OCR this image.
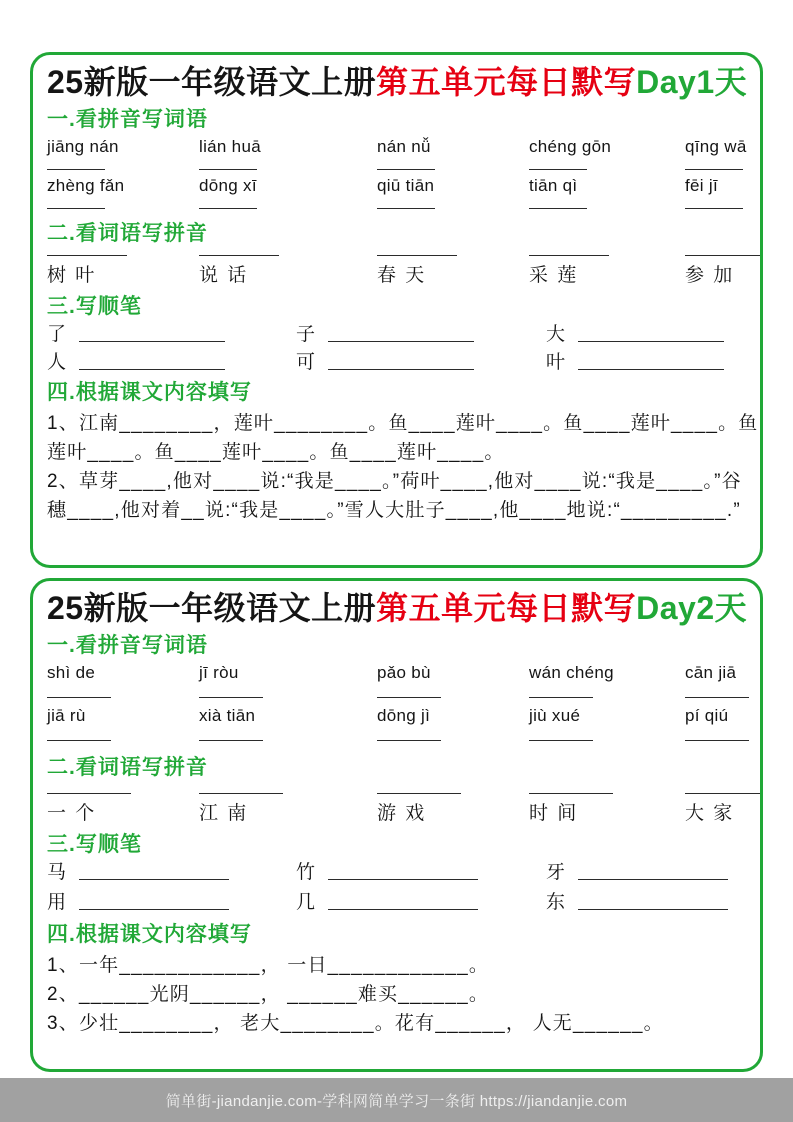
25新版一年级语文上册第五单元每日默写Day1天
一.看拼音写词语
jiāng nán	lián huā	nán nǚ	chéng gōn	qīng wā
zhèng fǎn	dōng xī	qiū tiān	tiān qì	fēi jī
二.看词语写拼音
树 叶	说 话	春 天	采 莲	参 加
三.写顺笔
了	子	大
人	可	叶
四.根据课文内容填写

1、江南________，莲叶________。鱼____莲叶____。鱼____莲叶____。鱼

莲叶____。鱼____莲叶____。鱼____莲叶____。

2、草芽____,他对____说:“我是____。”荷叶____,他对____说:“我是____。”谷

穗____,他对着__说:“我是____。”雪人大肚子____,他____地说:“_________.”

25新版一年级语文上册第五单元每日默写Day2天
一.看拼音写词语
shì de	jī ròu	pǎo bù	wán chéng	cān jiā
jiā rù	xià tiān	dōng jì	jiù xué	pí qiú
二.看词语写拼音
一 个	江 南	游 戏	时 间	大 家
三.写顺笔
马	竹	牙
用	几	东
四.根据课文内容填写

1、一年____________， 一日____________。

2、______光阴______， ______难买______。

3、少壮________， 老大________。花有______， 人无______。

简单街-jiandanjie.com-学科网简单学习一条街 https://jiandanjie.com
